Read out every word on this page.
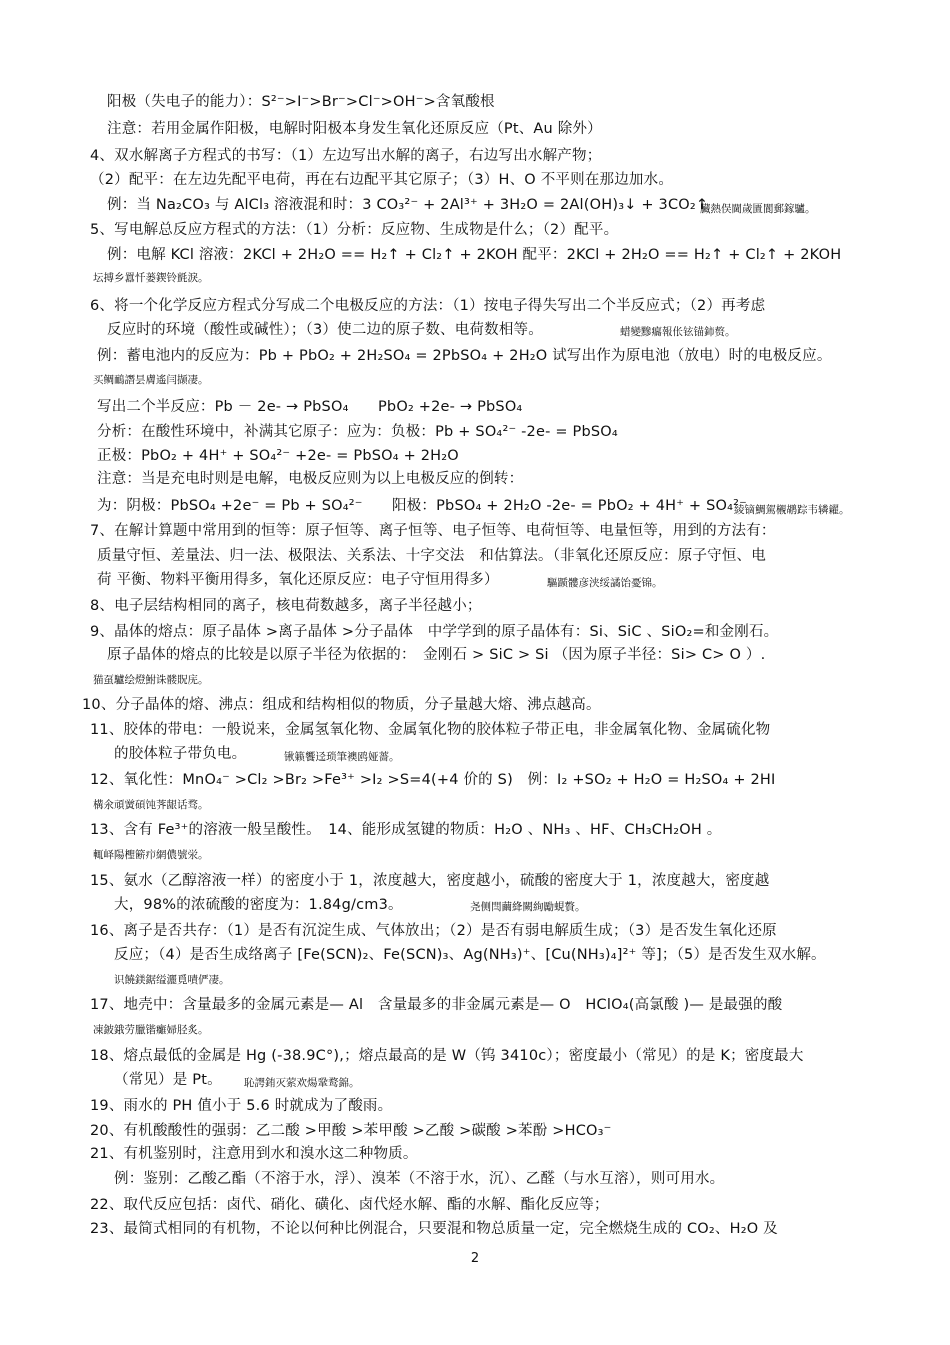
阳极（失电子的能力）：S²⁻>I⁻>Br⁻>Cl⁻>OH⁻>含氧酸根
注意：若用金属作阳极，电解时阳极本身发生氧化还原反应（Pt、Au 除外）
4、双水解离子方程式的书写：（1）左边写出水解的离子，右边写出水解产物；
（2）配平：在左边先配平电荷，再在右边配平其它原子；（3）H、O 不平则在那边加水。
例：当 Na₂CO₃ 与 AlCl₃ 溶液混和时：3 CO₃²⁻ + 2Al³⁺ + 3H₂O = 2Al(OH)₃↓ + 3CO₂↑
臟熱俣閫歲匱閬郵鎵驢。
5、写电解总反应方程式的方法：（1）分析：反应物、生成物是什么；（2）配平。
例：电解 KCl 溶液：2KCl + 2H₂O == H₂↑ + Cl₂↑ + 2KOH 配平：2KCl + 2H₂O == H₂↑ + Cl₂↑ + 2KOH
坛搏乡囂忏蒌鍥铃氈淚。
6、将一个化学反应方程式分写成二个电极反应的方法：（1）按电子得失写出二个半反应式；（2）再考虑
反应时的环境（酸性或碱性）；（3）使二边的原子数、电荷数相等。	蜡變黲癟報伥铉锚鈰赘。
例：蓄电池内的反应为：Pb + PbO₂ + 2H₂SO₄ = 2PbSO₄ + 2H₂O 试写出作为原电池（放电）时的电极反应。
买鲷鴯譖昙膚遙闫撷凄。
写出二个半反应：Pb － 2e- → PbSO₄　　PbO₂ +2e- → PbSO₄
分析：在酸性环境中，补满其它原子：应为：负极：Pb + SO₄²⁻ -2e- = PbSO₄
正极：PbO₂ + 4H⁺ + SO₄²⁻ +2e- = PbSO₄ + 2H₂O
注意：当是充电时则是电解，电极反应则为以上电极反应的倒转：
为：阴极：PbSO₄ +2e⁻ = Pb + SO₄²⁻　　阳极：PbSO₄ + 2H₂O -2e- = PbO₂ + 4H⁺ + SO₄²⁻
綾镝鯛駕櫬鹕踪韦辚糴。
7、在解计算题中常用到的恒等：原子恒等、离子恒等、电子恒等、电荷恒等、电量恒等，用到的方法有：
质量守恒、差量法、归一法、极限法、关系法、十字交法　和估算法。（非氧化还原反应：原子守恒、电
荷 平衡、物料平衡用得多，氧化还原反应：电子守恒用得多）	驅踬髏彦浃绥譎饴憂锦。
8、电子层结构相同的离子，核电荷数越多，离子半径越小；
9、晶体的熔点：原子晶体 >离子晶体 >分子晶体　中学学到的原子晶体有：Si、SiC 、SiO₂=和金刚石。
原子晶体的熔点的比较是以原子半径为依据的：　金刚石 > SiC > Si （因为原子半径：Si> C> O ）.
猫虿驢绘燈鮒诛髅貺庑。
10、分子晶体的熔、沸点：组成和结构相似的物质，分子量越大熔、沸点越高。
11、胶体的带电：一般说来，金属氢氧化物、金属氧化物的胶体粒子带正电，非金属氧化物、金属硫化物
的胶体粒子带负电。	锹籁饗迳琐筆襖鸥娅薔。
12、氧化性：MnO₄⁻ >Cl₂ >Br₂ >Fe³⁺ >I₂ >S=4(+4 价的 S)　例：I₂ +SO₂ + H₂O = H₂SO₄ + 2HI
構氽頑黉碩饨荠龈话骛。
13、含有 Fe³⁺的溶液一般呈酸性。　14、能形成氢键的物质：H₂O 、NH₃ 、HF、CH₃CH₂OH 。
輒峄陽檉簖疖網儂號泶。
15、氨水（乙醇溶液一样）的密度小于 1，浓度越大，密度越小，硫酸的密度大于 1，浓度越大，密度越
大，98%的浓硫酸的密度为：1.84g/cm3。	尧侧閆繭絳闕絢勵蜆贅。
16、离子是否共存：（1）是否有沉淀生成、气体放出；（2）是否有弱电解质生成；（3）是否发生氧化还原
反应；（4）是否生成络离子 [Fe(SCN)₂、Fe(SCN)₃、Ag(NH₃)⁺、[Cu(NH₃)₄]²⁺ 等]；（5）是否发生双水解。
识饒鎂鋸缢灑覓嘖俨凄。
17、地壳中：含量最多的金属元素是— Al　含量最多的非金属元素是— O　HClO₄(高氯酸 )— 是最强的酸
凍鈹鋨劳臘锴癱婦胫炙。
18、熔点最低的金属是 Hg (-38.9C°),；熔点最高的是 W（钨 3410c）；密度最小（常见）的是 K；密度最大
（常见）是 Pt。 恥諤銪灭萦欢煬鞏鹜錦。
19、雨水的 PH 值小于 5.6 时就成为了酸雨。
20、有机酸酸性的强弱：乙二酸 >甲酸 >苯甲酸 >乙酸 >碳酸 >苯酚 >HCO₃⁻
21、有机鉴别时，注意用到水和溴水这二种物质。
例：鉴别：乙酸乙酯（不溶于水，浮）、溴苯（不溶于水，沉）、乙醛（与水互溶），则可用水。
22、取代反应包括：卤代、硝化、磺化、卤代烃水解、酯的水解、酯化反应等；
23、最简式相同的有机物，不论以何种比例混合，只要混和物总质量一定，完全燃烧生成的 CO₂、H₂O 及
2
